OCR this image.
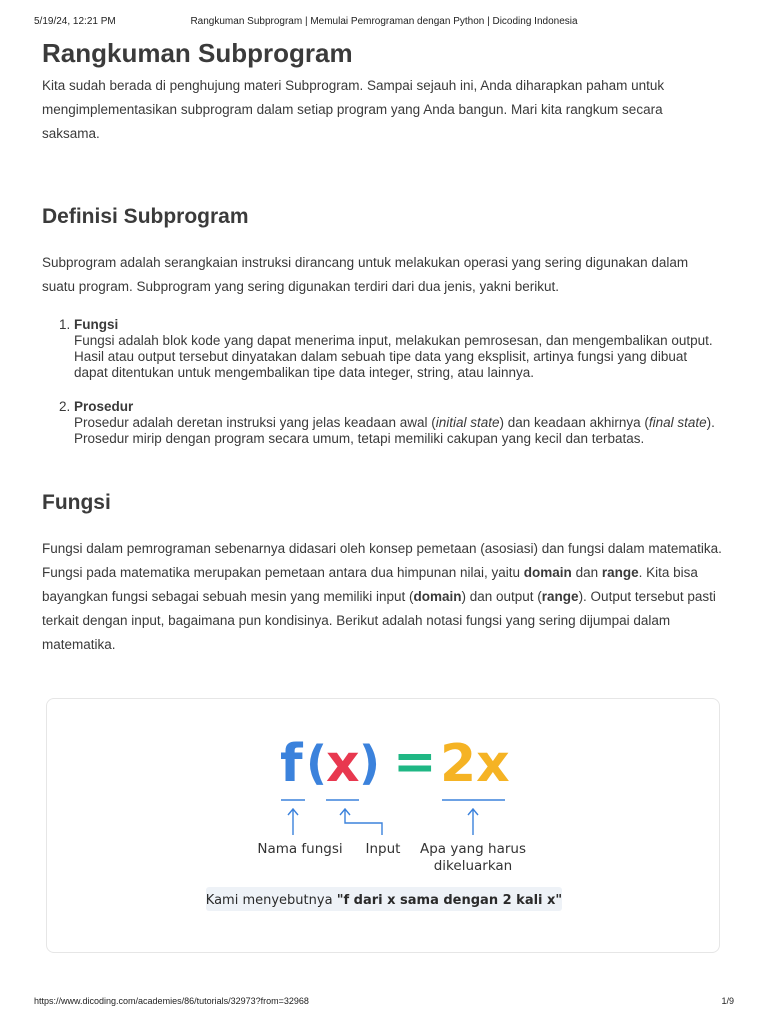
5/19/24, 12:21 PM	Rangkuman Subprogram | Memulai Pemrograman dengan Python | Dicoding Indonesia
Rangkuman Subprogram

Kita sudah berada di penghujung materi Subprogram. Sampai sejauh ini, Anda diharapkan paham untuk mengimplementasikan subprogram dalam setiap program yang Anda bangun. Mari kita rangkum secara saksama.

Definisi Subprogram

Subprogram adalah serangkaian instruksi dirancang untuk melakukan operasi yang sering digunakan dalam suatu program. Subprogram yang sering digunakan terdiri dari dua jenis, yakni berikut.

1. Fungsi
Fungsi adalah blok kode yang dapat menerima input, melakukan pemrosesan, dan mengembalikan output. Hasil atau output tersebut dinyatakan dalam sebuah tipe data yang eksplisit, artinya fungsi yang dibuat dapat ditentukan untuk mengembalikan tipe data integer, string, atau lainnya.
2. Prosedur
Prosedur adalah deretan instruksi yang jelas keadaan awal (initial state) dan keadaan akhirnya (final state). Prosedur mirip dengan program secara umum, tetapi memiliki cakupan yang kecil dan terbatas.
Fungsi

Fungsi dalam pemrograman sebenarnya didasari oleh konsep pemetaan (asosiasi) dan fungsi dalam matematika. Fungsi pada matematika merupakan pemetaan antara dua himpunan nilai, yaitu domain dan range. Kita bisa bayangkan fungsi sebagai sebuah mesin yang memiliki input (domain) dan output (range). Output tersebut pasti terkait dengan input, bagaimana pun kondisinya. Berikut adalah notasi fungsi yang sering dijumpai dalam matematika.

f (
x ) = 2x
Nama fungsi Input Apa yang harus
dikeluarkan
Kami menyebutnya "f dari x sama dengan 2 kali x"
https://www.dicoding.com/academies/86/tutorials/32973?from=32968	1/9
